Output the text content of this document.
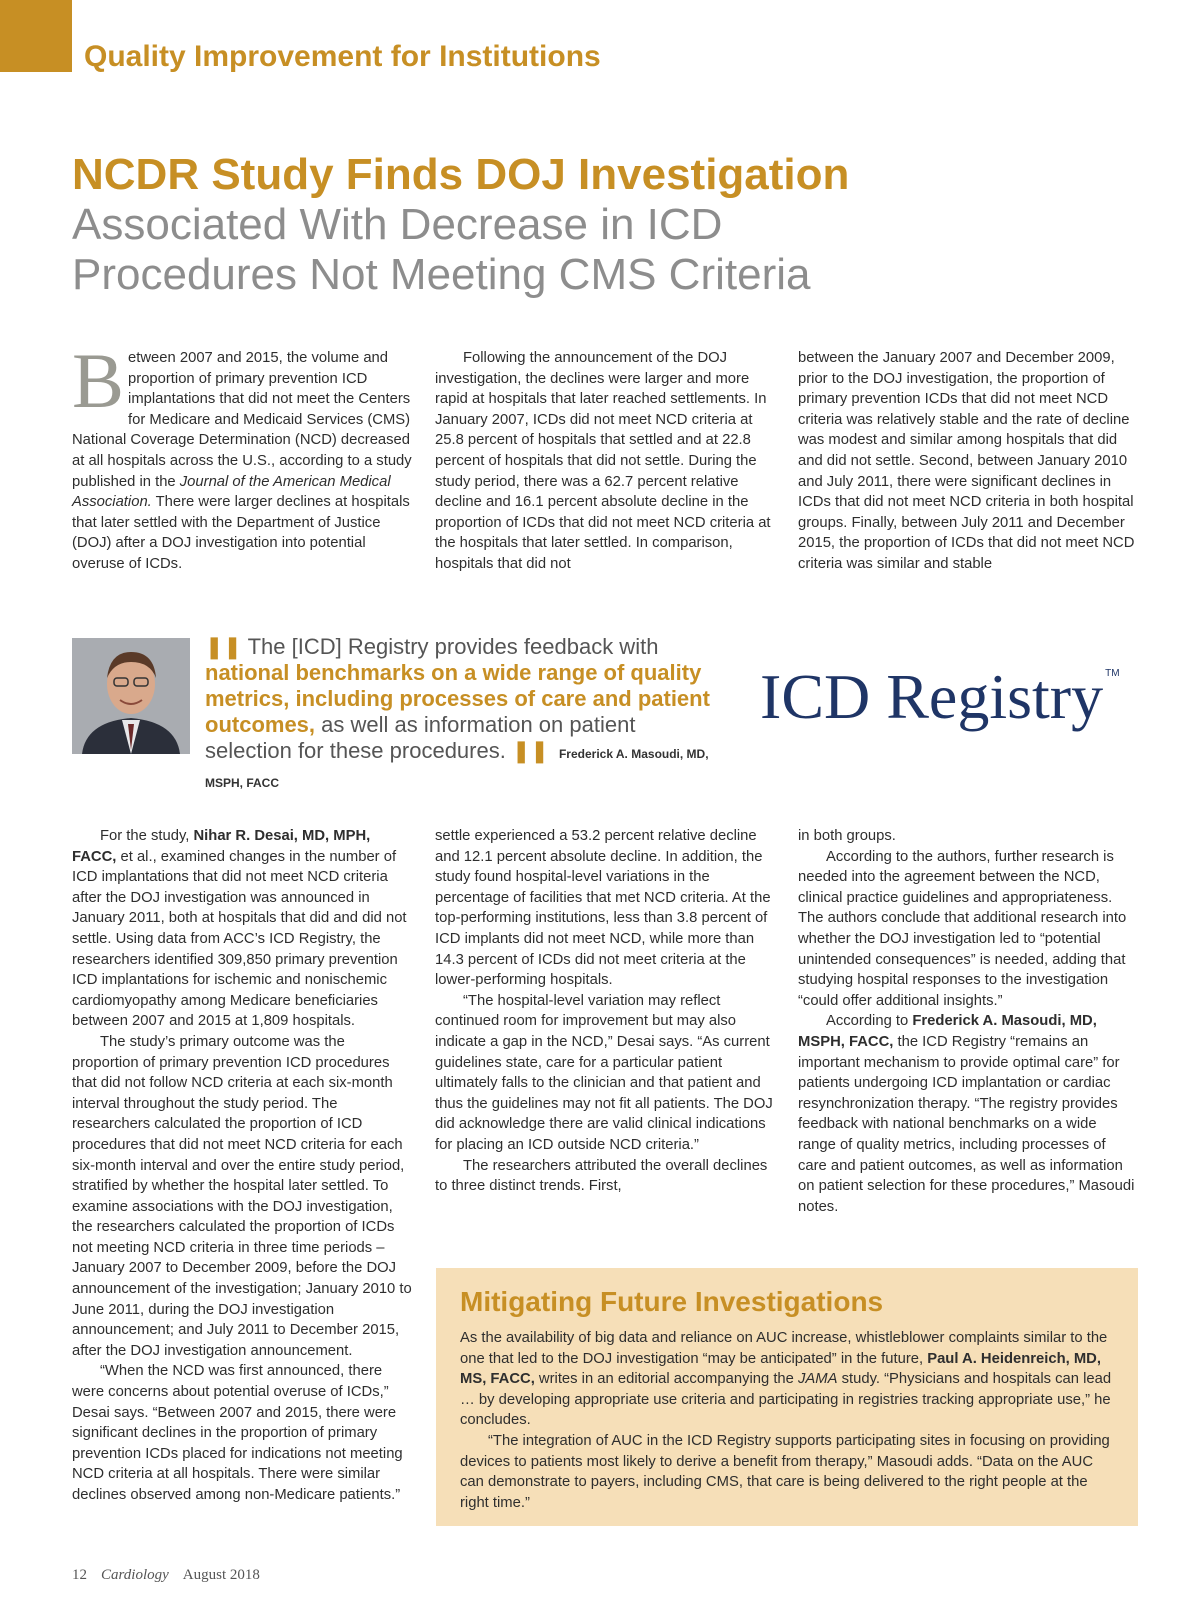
Quality Improvement for Institutions
NCDR Study Finds DOJ Investigation
Associated With Decrease in ICD
Procedures Not Meeting CMS Criteria

Between 2007 and 2015, the volume and proportion of primary prevention ICD implantations that did not meet the Centers for Medicare and Medicaid Services (CMS) National Coverage Determination (NCD) decreased at all hospitals across the U.S., according to a study published in the Journal of the American Medical Association. There were larger declines at hospitals that later settled with the Department of Justice (DOJ) after a DOJ investigation into potential overuse of ICDs.

Following the announcement of the DOJ investigation, the declines were larger and more rapid at hospitals that later reached settlements. In January 2007, ICDs did not meet NCD criteria at 25.8 percent of hospitals that settled and at 22.8 percent of hospitals that did not settle. During the study period, there was a 62.7 percent relative decline and 16.1 percent absolute decline in the proportion of ICDs that did not meet NCD criteria at the hospitals that later settled. In comparison, hospitals that did not

between the January 2007 and December 2009, prior to the DOJ investigation, the proportion of primary prevention ICDs that did not meet NCD criteria was relatively stable and the rate of decline was modest and similar among hospitals that did and did not settle. Second, between January 2010 and July 2011, there were significant declines in ICDs that did not meet NCD criteria in both hospital groups. Finally, between July 2011 and December 2015, the proportion of ICDs that did not meet NCD criteria was similar and stable

❚❚ The [ICD] Registry provides feedback with national benchmarks on a wide range of quality metrics, including processes of care and patient outcomes, as well as information on patient selection for these procedures. ❚❚ Frederick A. Masoudi, MD, MSPH, FACC
ICD Registry ™

For the study, Nihar R. Desai, MD, MPH, FACC, et al., examined changes in the number of ICD implantations that did not meet NCD criteria after the DOJ investigation was announced in January 2011, both at hospitals that did and did not settle. Using data from ACC’s ICD Registry, the researchers identified 309,850 primary prevention ICD implantations for ischemic and nonischemic cardiomyopathy among Medicare beneficiaries between 2007 and 2015 at 1,809 hospitals.

The study’s primary outcome was the proportion of primary prevention ICD procedures that did not follow NCD criteria at each six-month interval throughout the study period. The researchers calculated the proportion of ICD procedures that did not meet NCD criteria for each six-month interval and over the entire study period, stratified by whether the hospital later settled. To examine associations with the DOJ investigation, the researchers calculated the proportion of ICDs not meeting NCD criteria in three time periods – January 2007 to December 2009, before the DOJ announcement of the investigation; January 2010 to June 2011, during the DOJ investigation announcement; and July 2011 to December 2015, after the DOJ investigation announcement.

“When the NCD was first announced, there were concerns about potential overuse of ICDs,” Desai says. “Between 2007 and 2015, there were significant declines in the proportion of primary prevention ICDs placed for indications not meeting NCD criteria at all hospitals. There were similar declines observed among non-Medicare patients.”

settle experienced a 53.2 percent relative decline and 12.1 percent absolute decline. In addition, the study found hospital-level variations in the percentage of facilities that met NCD criteria. At the top-performing institutions, less than 3.8 percent of ICD implants did not meet NCD, while more than 14.3 percent of ICDs did not meet criteria at the lower-performing hospitals.

“The hospital-level variation may reflect continued room for improvement but may also indicate a gap in the NCD,” Desai says. “As current guidelines state, care for a particular patient ultimately falls to the clinician and that patient and thus the guidelines may not fit all patients. The DOJ did acknowledge there are valid clinical indications for placing an ICD outside NCD criteria.”

The researchers attributed the overall declines to three distinct trends. First,

in both groups.

According to the authors, further research is needed into the agreement between the NCD, clinical practice guidelines and appropriateness. The authors conclude that additional research into whether the DOJ investigation led to “potential unintended consequences” is needed, adding that studying hospital responses to the investigation “could offer additional insights.”

According to Frederick A. Masoudi, MD, MSPH, FACC, the ICD Registry “remains an important mechanism to provide optimal care” for patients undergoing ICD implantation or cardiac resynchronization therapy. “The registry provides feedback with national benchmarks on a wide range of quality metrics, including processes of care and patient outcomes, as well as information on patient selection for these procedures,” Masoudi notes.

Mitigating Future Investigations

As the availability of big data and reliance on AUC increase, whistleblower complaints similar to the one that led to the DOJ investigation “may be anticipated” in the future, Paul A. Heidenreich, MD, MS, FACC, writes in an editorial accompanying the JAMA study. “Physicians and hospitals can lead … by developing appropriate use criteria and participating in registries tracking appropriate use,” he concludes.

“The integration of AUC in the ICD Registry supports participating sites in focusing on providing devices to patients most likely to derive a benefit from therapy,” Masoudi adds. “Data on the AUC can demonstrate to payers, including CMS, that care is being delivered to the right people at the right time.”

12 Cardiology August 2018
